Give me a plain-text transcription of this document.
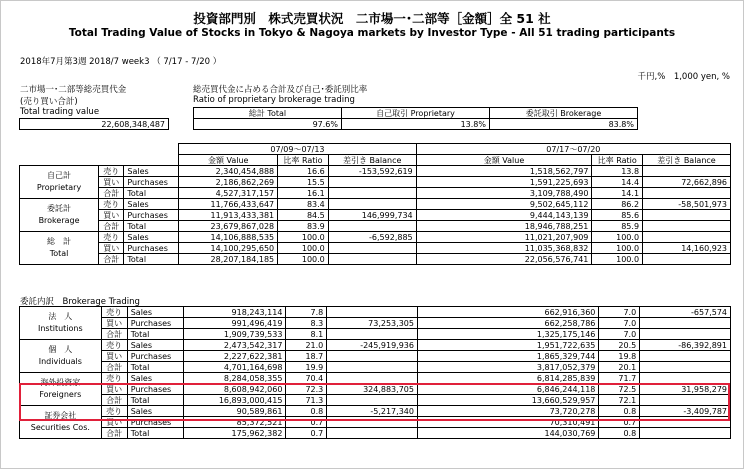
投資部門別　株式売買状況　二市場一･二部等［金額］全 51 社
Total Trading Value of Stocks in Tokyo & Nagoya markets by Investor Type - All 51 trading participants
2018年7月第3週 2018/7 week3 （ 7/17 - 7/20 ）
千円,%　1,000 yen, %
二市場一･二部等総売買代金
(売り買い合計)
Total trading value
22,608,348,487
総売買代金に占める合計及び自己･委託別比率
Ratio of proprietary brokerage trading
総計 Total	自己取引 Proprietary	委託取引 Brokerage
97.6%	13.8%	83.8%
			07/09～07/13			07/17～07/20		
			金額 Value	比率 Ratio	差引き Balance	金額 Value	比率 Ratio	差引き Balance

自己計
Proprietary	売り	Sales	2,340,454,888	16.6	-153,592,619	1,518,562,797	13.8	
	買い	Purchases	2,186,862,269	15.5		1,591,225,693	14.4	72,662,896
	合計	Total	4,527,317,157	16.1		3,109,788,490	14.1	

委託計
Brokerage	売り	Sales	11,766,433,647	83.4		9,502,645,112	86.2	-58,501,973
	買い	Purchases	11,913,433,381	84.5	146,999,734	9,444,143,139	85.6	
	合計	Total	23,679,867,028	83.9		18,946,788,251	85.9	

総　計
Total	売り	Sales	14,106,888,535	100.0	-6,592,885	11,021,207,909	100.0	
	買い	Purchases	14,100,295,650	100.0		11,035,368,832	100.0	14,160,923
	合計	Total	28,207,184,185	100.0		22,056,576,741	100.0	
委託内訳　Brokerage Trading
法　人
Institutions	売り	Sales	918,243,114	7.8		662,916,360	7.0	-657,574
	買い	Purchases	991,496,419	8.3	73,253,305	662,258,786	7.0	
	合計	Total	1,909,739,533	8.1		1,325,175,146	7.0	

個　人
Individuals	売り	Sales	2,473,542,317	21.0	-245,919,936	1,951,722,635	20.5	-86,392,891
	買い	Purchases	2,227,622,381	18.7		1,865,329,744	19.8	
	合計	Total	4,701,164,698	19.9		3,817,052,379	20.1	

海外投資家
Foreigners	売り	Sales	8,284,058,355	70.4		6,814,285,839	71.7	
	買い	Purchases	8,608,942,060	72.3	324,883,705	6,846,244,118	72.5	31,958,279
	合計	Total	16,893,000,415	71.3		13,660,529,957	72.1	

証券会社
Securities Cos.	売り	Sales	90,589,861	0.8	-5,217,340	73,720,278	0.8	-3,409,787
	買い	Purchases	85,372,521	0.7		70,310,491	0.7	
	合計	Total	175,962,382	0.7		144,030,769	0.8	
